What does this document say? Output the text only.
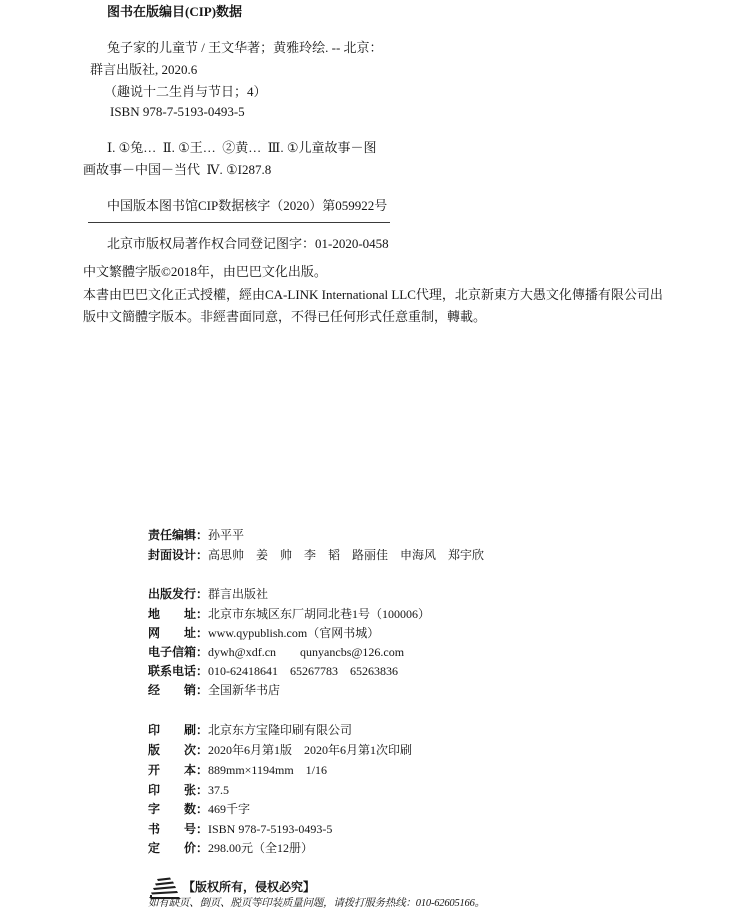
图书在版编目(CIP)数据
兔子家的儿童节 / 王文华著；黄雅玲绘. -- 北京：
群言出版社, 2020.6
（趣说十二生肖与节日；4）
ISBN 978-7-5193-0493-5
Ⅰ. ①兔…  Ⅱ. ①王…  ②黄…  Ⅲ. ①儿童故事－图
画故事－中国－当代  Ⅳ. ①I287.8
中国版本图书馆CIP数据核字（2020）第059922号
北京市版权局著作权合同登记图字：01-2020-0458
中文繁體字版©2018年，由巴巴文化出版。
本書由巴巴文化正式授權，經由CA-LINK International LLC代理，北京新東方大愚文化傳播有限公司出
版中文簡體字版本。非經書面同意，不得已任何形式任意重制，轉載。
责任编辑： 孙平平
封面设计： 高思帅　姜　帅　李　韬　路丽佳　申海风　郑宇欣
出版发行： 群言出版社
地　　址： 北京市东城区东厂胡同北巷1号（100006）
网　　址： www.qypublish.com（官网书城）
电子信箱： dywh@xdf.cn　　qunyancbs@126.com
联系电话： 010-62418641　65267783　65263836
经　　销： 全国新华书店
印　　刷： 北京东方宝隆印刷有限公司
版　　次： 2020年6月第1版　2020年6月第1次印刷
开　　本： 889mm×1194mm　1/16
印　　张： 37.5
字　　数： 469千字
书　　号： ISBN 978-7-5193-0493-5
定　　价： 298.00元（全12册）
【版权所有，侵权必究】
如有缺页、倒页、脱页等印装质量问题，请拨打服务热线：010-62605166。
